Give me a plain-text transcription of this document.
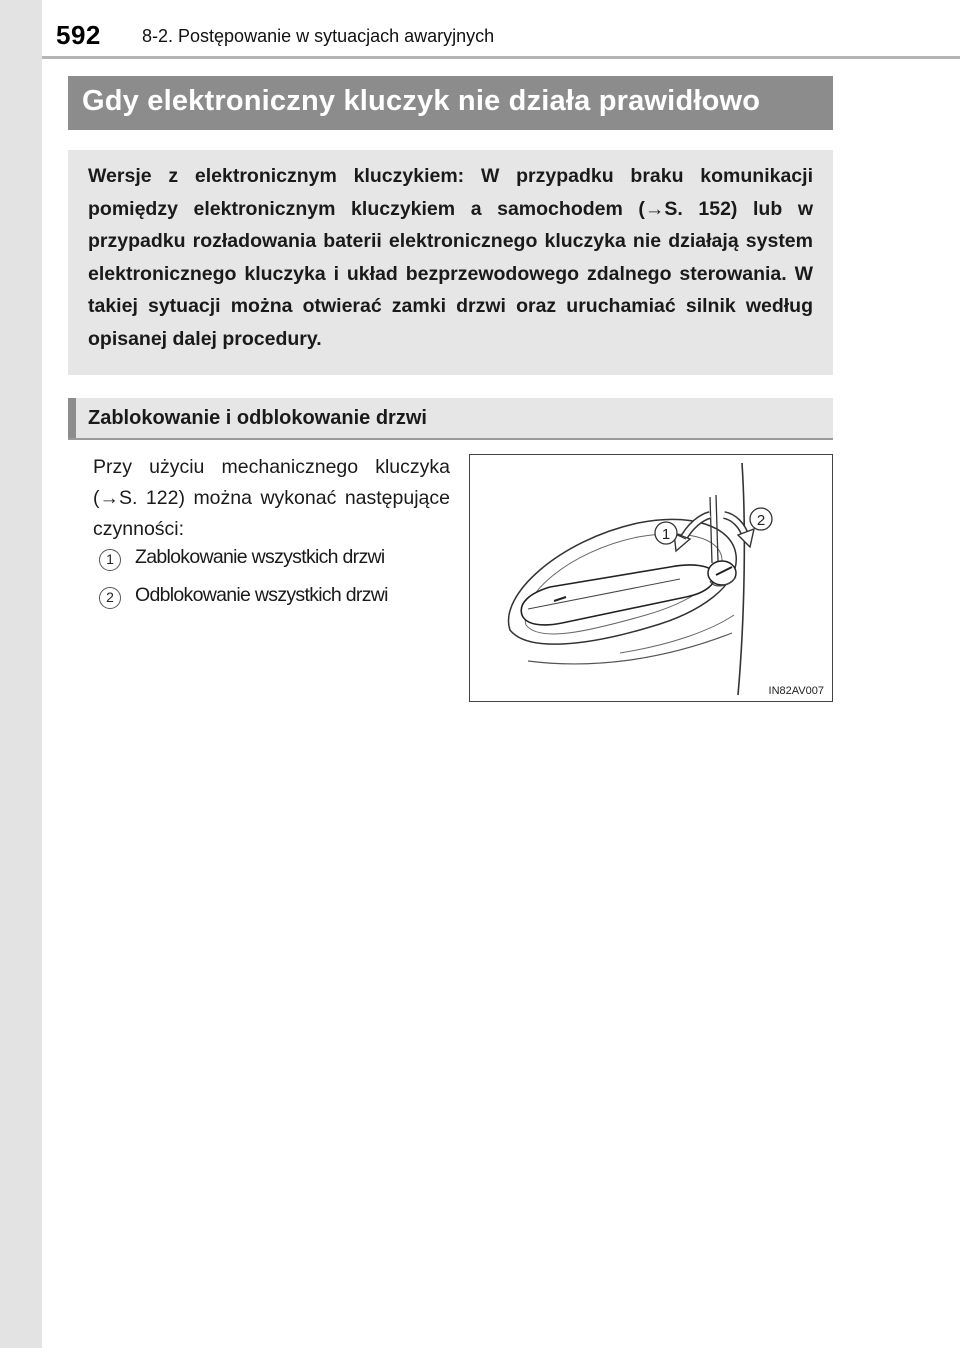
592 8-2. Postępowanie w sytuacjach awaryjnych
Gdy elektroniczny kluczyk nie działa prawidłowo
Wersje z elektronicznym kluczykiem: W przypadku braku komunikacji pomiędzy elektronicznym kluczykiem a samochodem (→S. 152) lub w przypadku rozładowania baterii elektronicznego kluczyka nie działają system elektronicznego kluczyka i układ bezprzewodowego zdalnego sterowania. W takiej sytuacji można otwierać zamki drzwi oraz uruchamiać silnik według opisanej dalej procedury.
Zablokowanie i odblokowanie drzwi
Przy użyciu mechanicznego kluczyka (→S. 122) można wykonać następujące czynności:
1	Zablokowanie wszystkich drzwi
2	Odblokowanie wszystkich drzwi
1
2
IN82AV007
